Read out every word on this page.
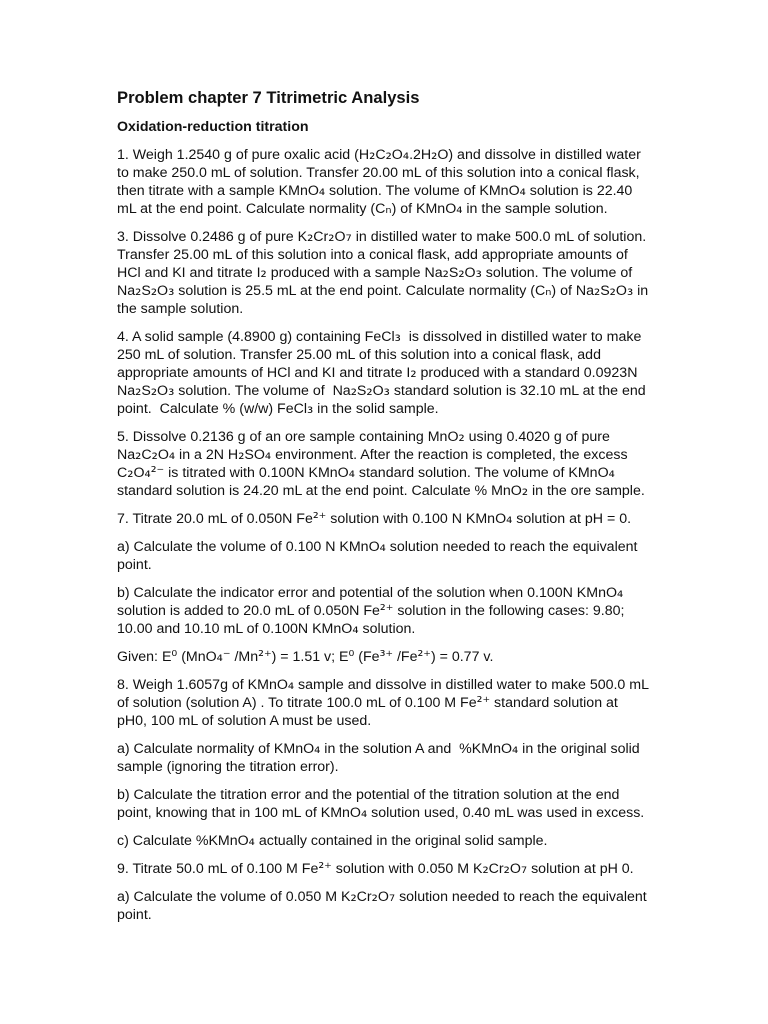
Problem chapter 7 Titrimetric Analysis
Oxidation-reduction titration
1. Weigh 1.2540 g of pure oxalic acid (H₂C₂O₄.2H₂O) and dissolve in distilled water
to make 250.0 mL of solution. Transfer 20.00 mL of this solution into a conical flask,
then titrate with a sample KMnO₄ solution. The volume of KMnO₄ solution is 22.40
mL at the end point. Calculate normality (Cₙ) of KMnO₄ in the sample solution.
3. Dissolve 0.2486 g of pure K₂Cr₂O₇ in distilled water to make 500.0 mL of solution.
Transfer 25.00 mL of this solution into a conical flask, add appropriate amounts of
HCl and KI and titrate I₂ produced with a sample Na₂S₂O₃ solution. The volume of
Na₂S₂O₃ solution is 25.5 mL at the end point. Calculate normality (Cₙ) of Na₂S₂O₃ in
the sample solution.
4. A solid sample (4.8900 g) containing FeCl₃  is dissolved in distilled water to make
250 mL of solution. Transfer 25.00 mL of this solution into a conical flask, add
appropriate amounts of HCl and KI and titrate I₂ produced with a standard 0.0923N
Na₂S₂O₃ solution. The volume of  Na₂S₂O₃ standard solution is 32.10 mL at the end
point.  Calculate % (w/w) FeCl₃ in the solid sample.
5. Dissolve 0.2136 g of an ore sample containing MnO₂ using 0.4020 g of pure
Na₂C₂O₄ in a 2N H₂SO₄ environment. After the reaction is completed, the excess
C₂O₄²⁻ is titrated with 0.100N KMnO₄ standard solution. The volume of KMnO₄
standard solution is 24.20 mL at the end point. Calculate % MnO₂ in the ore sample.
7. Titrate 20.0 mL of 0.050N Fe²⁺ solution with 0.100 N KMnO₄ solution at pH = 0.
a) Calculate the volume of 0.100 N KMnO₄ solution needed to reach the equivalent
point.
b) Calculate the indicator error and potential of the solution when 0.100N KMnO₄
solution is added to 20.0 mL of 0.050N Fe²⁺ solution in the following cases: 9.80;
10.00 and 10.10 mL of 0.100N KMnO₄ solution.
Given: E⁰ (MnO₄⁻ /Mn²⁺) = 1.51 v; E⁰ (Fe³⁺ /Fe²⁺) = 0.77 v.
8. Weigh 1.6057g of KMnO₄ sample and dissolve in distilled water to make 500.0 mL
of solution (solution A) . To titrate 100.0 mL of 0.100 M Fe²⁺ standard solution at
pH0, 100 mL of solution A must be used.
a) Calculate normality of KMnO₄ in the solution A and  %KMnO₄ in the original solid
sample (ignoring the titration error).
b) Calculate the titration error and the potential of the titration solution at the end
point, knowing that in 100 mL of KMnO₄ solution used, 0.40 mL was used in excess.
c) Calculate %KMnO₄ actually contained in the original solid sample.
9. Titrate 50.0 mL of 0.100 M Fe²⁺ solution with 0.050 M K₂Cr₂O₇ solution at pH 0.
a) Calculate the volume of 0.050 M K₂Cr₂O₇ solution needed to reach the equivalent
point.
